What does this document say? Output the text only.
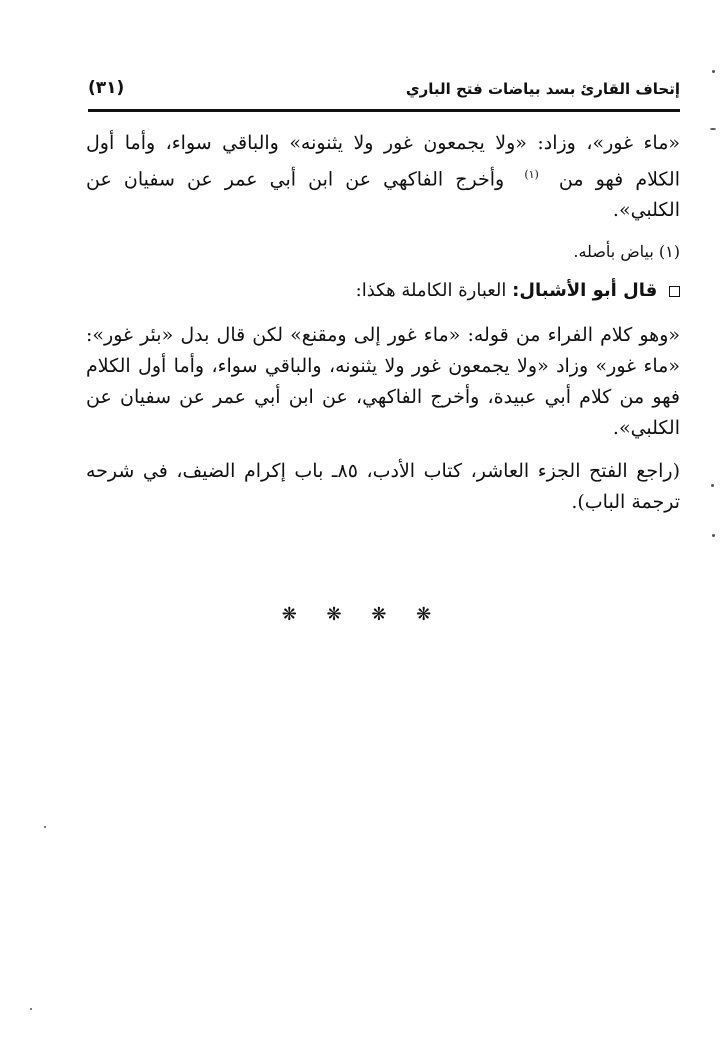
إتحاف القارئ بسد بياضات فتح الباري
(٣١)

«ماء غور»، وزاد: «ولا يجمعون غور ولا يثنونه» والباقي سواء، وأما أول الكلام فهو من $^{(١)}$ وأخرج الفاكهي عن ابن أبي عمر عن سفيان عن الكلبي».

(١) بياض بأصله.

قال أبو الأشبال: العبارة الكاملة هكذا:

«وهو كلام الفراء من قوله: «ماء غور إلى ومقنع» لكن قال بدل «بئر غور»: «ماء غور» وزاد «ولا يجمعون غور ولا يثنونه، والباقي سواء، وأما أول الكلام فهو من كلام أبي عبيدة، وأخرج الفاكهي، عن ابن أبي عمر عن سفيان عن الكلبي».

(راجع الفتح الجزء العاشر، كتاب الأدب، ٨٥ـ باب إكرام الضيف، في شرحه ترجمة الباب).

❋ ❋ ❋ ❋
